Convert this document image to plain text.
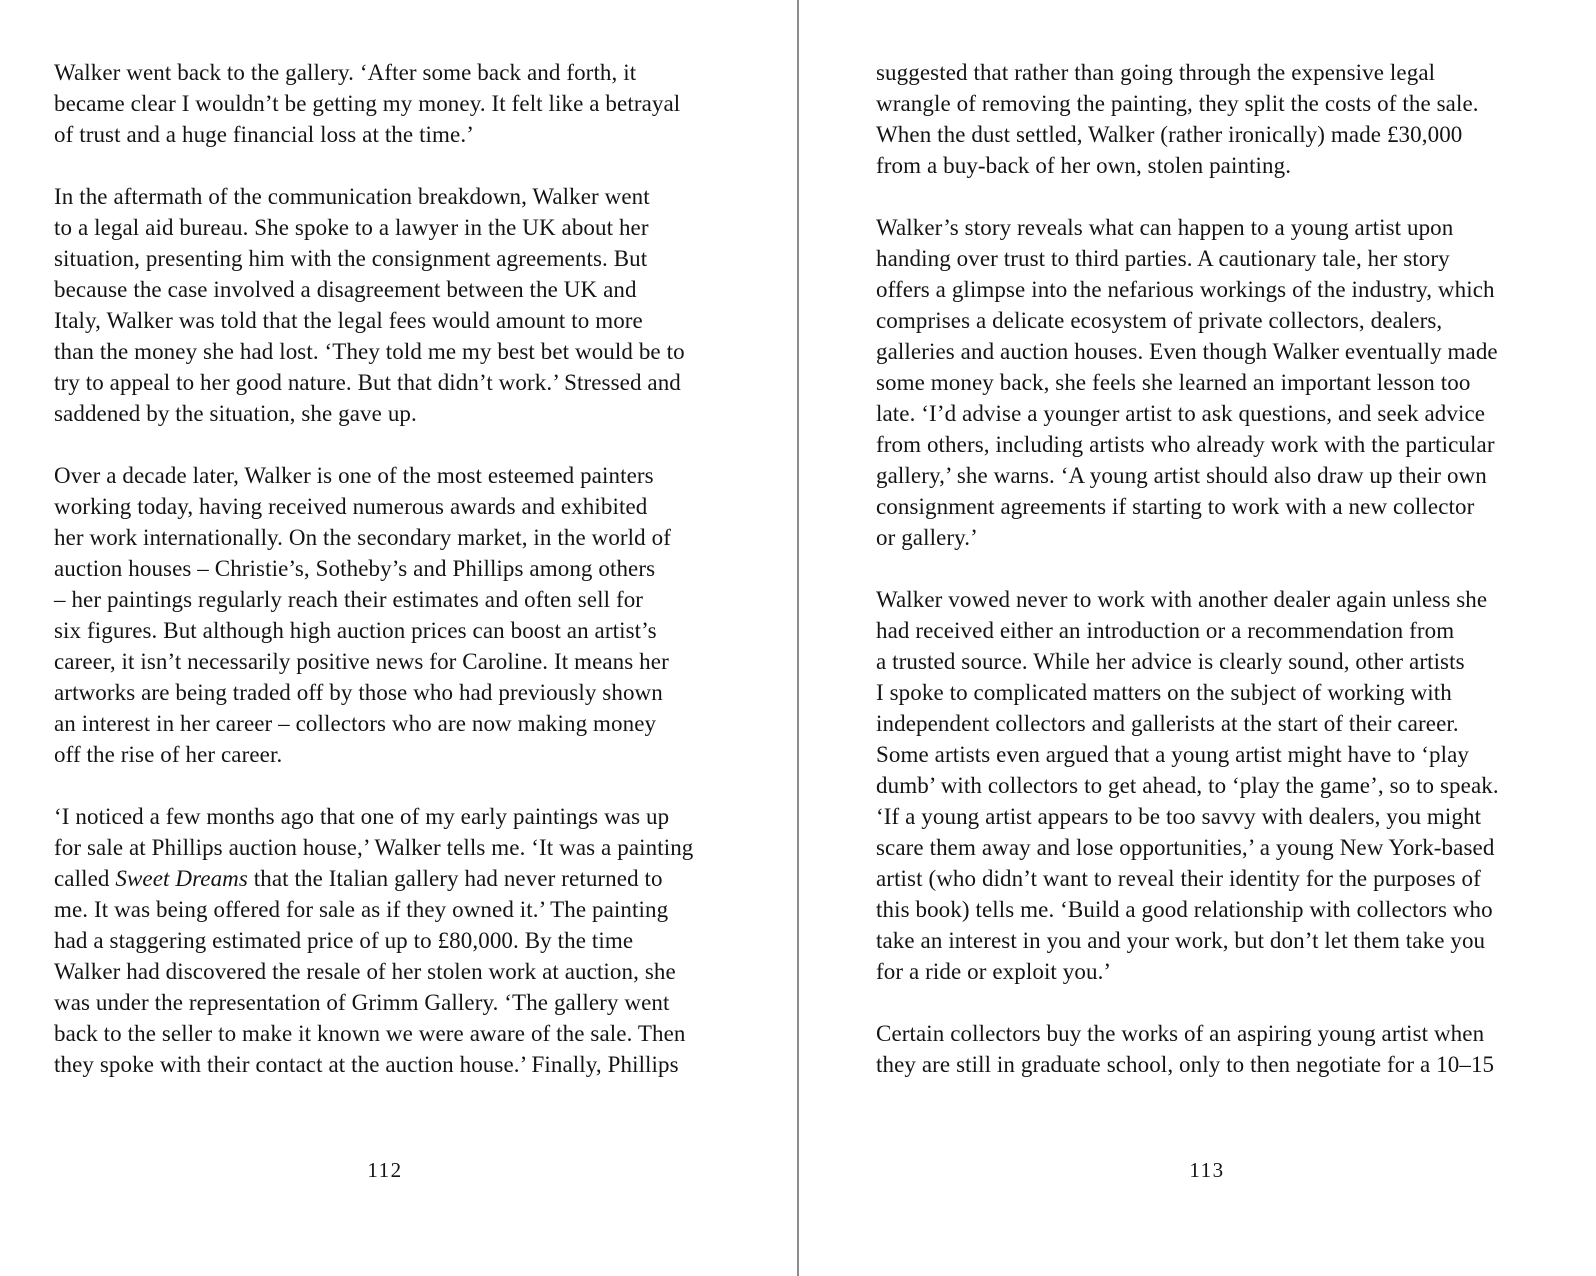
Walker went back to the gallery. ‘After some back and forth, it
became clear I wouldn’t be getting my money. It felt like a betrayal
of trust and a huge financial loss at the time.’
In the aftermath of the communication breakdown, Walker went
to a legal aid bureau. She spoke to a lawyer in the UK about her
situation, presenting him with the consignment agreements. But
because the case involved a disagreement between the UK and
Italy, Walker was told that the legal fees would amount to more
than the money she had lost. ‘They told me my best bet would be to
try to appeal to her good nature. But that didn’t work.’ Stressed and
saddened by the situation, she gave up.
Over a decade later, Walker is one of the most esteemed painters
working today, having received numerous awards and exhibited
her work internationally. On the secondary market, in the world of
auction houses – Christie’s, Sotheby’s and Phillips among others
– her paintings regularly reach their estimates and often sell for
six figures. But although high auction prices can boost an artist’s
career, it isn’t necessarily positive news for Caroline. It means her
artworks are being traded off by those who had previously shown
an interest in her career – collectors who are now making money
off the rise of her career.
‘I noticed a few months ago that one of my early paintings was up
for sale at Phillips auction house,’ Walker tells me. ‘It was a painting
called Sweet Dreams that the Italian gallery had never returned to
me. It was being offered for sale as if they owned it.’ The painting
had a staggering estimated price of up to £80,000. By the time
Walker had discovered the resale of her stolen work at auction, she
was under the representation of Grimm Gallery. ‘The gallery went
back to the seller to make it known we were aware of the sale. Then
they spoke with their contact at the auction house.’ Finally, Phillips
112
suggested that rather than going through the expensive legal
wrangle of removing the painting, they split the costs of the sale.
When the dust settled, Walker (rather ironically) made £30,000
from a buy-back of her own, stolen painting.
Walker’s story reveals what can happen to a young artist upon
handing over trust to third parties. A cautionary tale, her story
offers a glimpse into the nefarious workings of the industry, which
comprises a delicate ecosystem of private collectors, dealers,
galleries and auction houses. Even though Walker eventually made
some money back, she feels she learned an important lesson too
late. ‘I’d advise a younger artist to ask questions, and seek advice
from others, including artists who already work with the particular
gallery,’ she warns. ‘A young artist should also draw up their own
consignment agreements if starting to work with a new collector
or gallery.’
Walker vowed never to work with another dealer again unless she
had received either an introduction or a recommendation from
a trusted source. While her advice is clearly sound, other artists
I spoke to complicated matters on the subject of working with
independent collectors and gallerists at the start of their career.
Some artists even argued that a young artist might have to ‘play
dumb’ with collectors to get ahead, to ‘play the game’, so to speak.
‘If a young artist appears to be too savvy with dealers, you might
scare them away and lose opportunities,’ a young New York-based
artist (who didn’t want to reveal their identity for the purposes of
this book) tells me. ‘Build a good relationship with collectors who
take an interest in you and your work, but don’t let them take you
for a ride or exploit you.’
Certain collectors buy the works of an aspiring young artist when
they are still in graduate school, only to then negotiate for a 10–15
113
